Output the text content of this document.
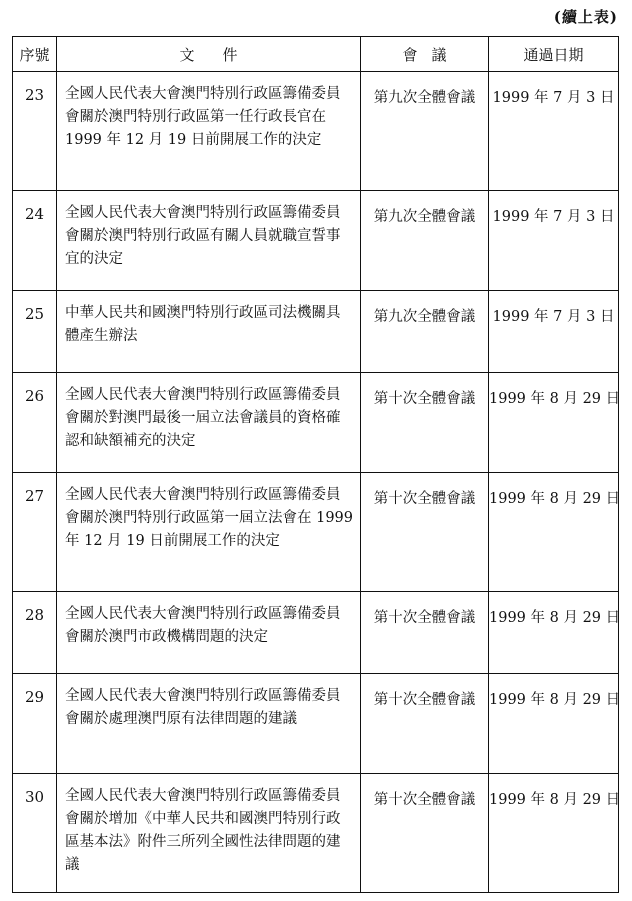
(續上表)
序號	文件	會議	通過日期
23	全國人民代表大會澳門特別行政區籌備委員會關於澳門特別行政區第一任行政長官在 1999 年 12 月 19 日前開展工作的決定	第九次全體會議	1999 年 7 月 3 日
24	全國人民代表大會澳門特別行政區籌備委員會關於澳門特別行政區有關人員就職宣誓事宜的決定	第九次全體會議	1999 年 7 月 3 日
25	中華人民共和國澳門特別行政區司法機關具體產生辦法	第九次全體會議	1999 年 7 月 3 日
26	全國人民代表大會澳門特別行政區籌備委員會關於對澳門最後一屆立法會議員的資格確認和缺額補充的決定	第十次全體會議	1999 年 8 月 29 日
27	全國人民代表大會澳門特別行政區籌備委員會關於澳門特別行政區第一屆立法會在 1999 年 12 月 19 日前開展工作的決定	第十次全體會議	1999 年 8 月 29 日
28	全國人民代表大會澳門特別行政區籌備委員會關於澳門市政機構問題的決定	第十次全體會議	1999 年 8 月 29 日
29	全國人民代表大會澳門特別行政區籌備委員會關於處理澳門原有法律問題的建議	第十次全體會議	1999 年 8 月 29 日
30	全國人民代表大會澳門特別行政區籌備委員會關於增加《中華人民共和國澳門特別行政區基本法》附件三所列全國性法律問題的建議	第十次全體會議	1999 年 8 月 29 日
